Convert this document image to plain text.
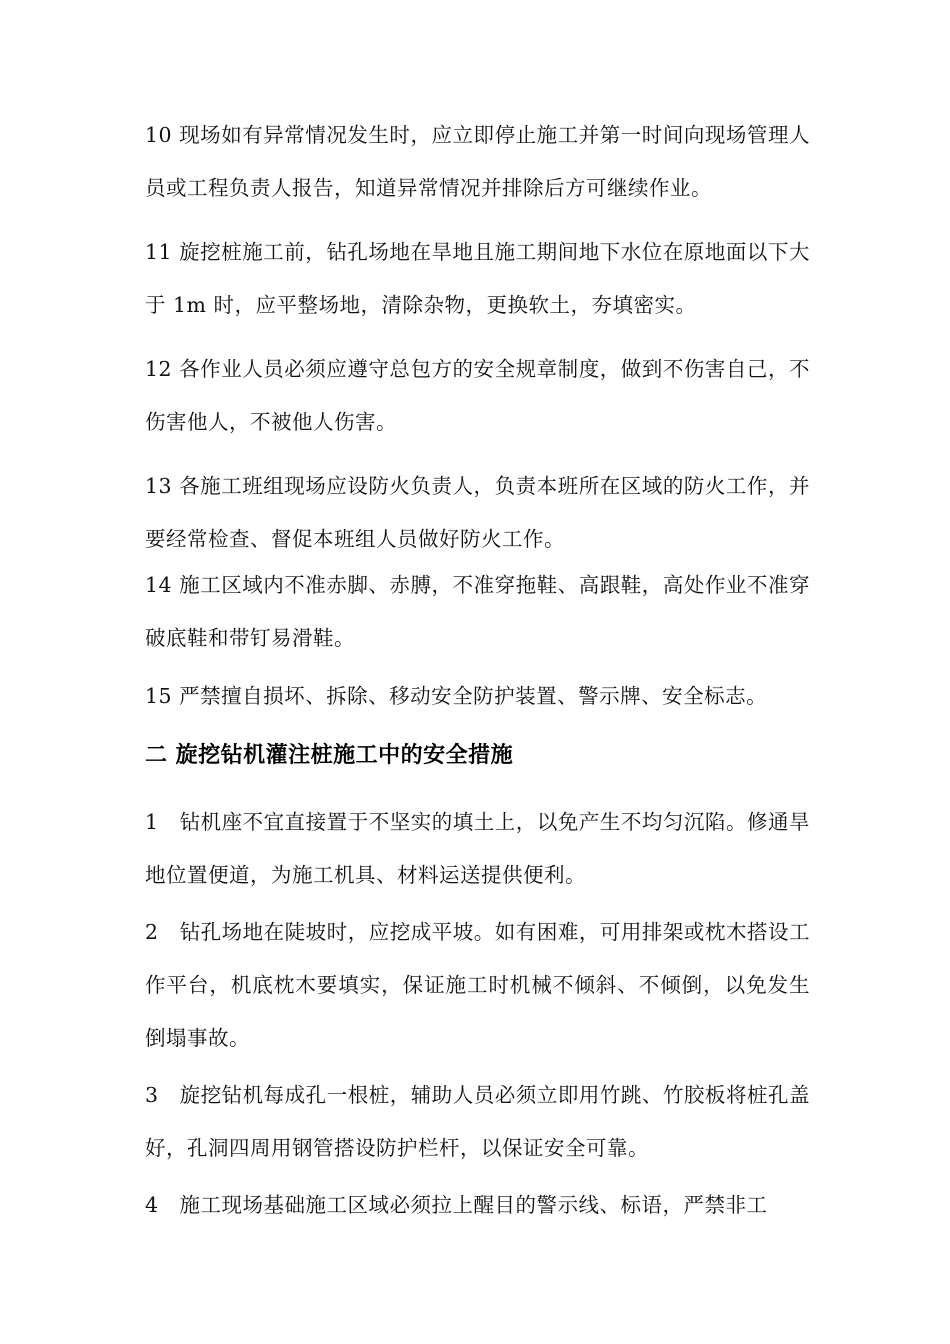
10 现场如有异常情况发生时，应立即停止施工并第一时间向现场管理人员或工程负责人报告，知道异常情况并排除后方可继续作业。

11 旋挖桩施工前，钻孔场地在旱地且施工期间地下水位在原地面以下大于 1m 时，应平整场地，清除杂物，更换软土，夯填密实。

12 各作业人员必须应遵守总包方的安全规章制度，做到不伤害自己，不伤害他人，不被他人伤害。

13 各施工班组现场应设防火负责人，负责本班所在区域的防火工作，并要经常检查、督促本班组人员做好防火工作。

14 施工区域内不准赤脚、赤膊，不准穿拖鞋、高跟鞋，高处作业不准穿破底鞋和带钉易滑鞋。

15 严禁擅自损坏、拆除、移动安全防护装置、警示牌、安全标志。

二 旋挖钻机灌注桩施工中的安全措施

1　钻机座不宜直接置于不坚实的填土上，以免产生不均匀沉陷。修通旱地位置便道，为施工机具、材料运送提供便利。

2　钻孔场地在陡坡时，应挖成平坡。如有困难，可用排架或枕木搭设工作平台，机底枕木要填实，保证施工时机械不倾斜、不倾倒，以免发生倒塌事故。

3　旋挖钻机每成孔一根桩，辅助人员必须立即用竹跳、竹胶板将桩孔盖好，孔洞四周用钢管搭设防护栏杆，以保证安全可靠。

4　施工现场基础施工区域必须拉上醒目的警示线、标语，严禁非工
